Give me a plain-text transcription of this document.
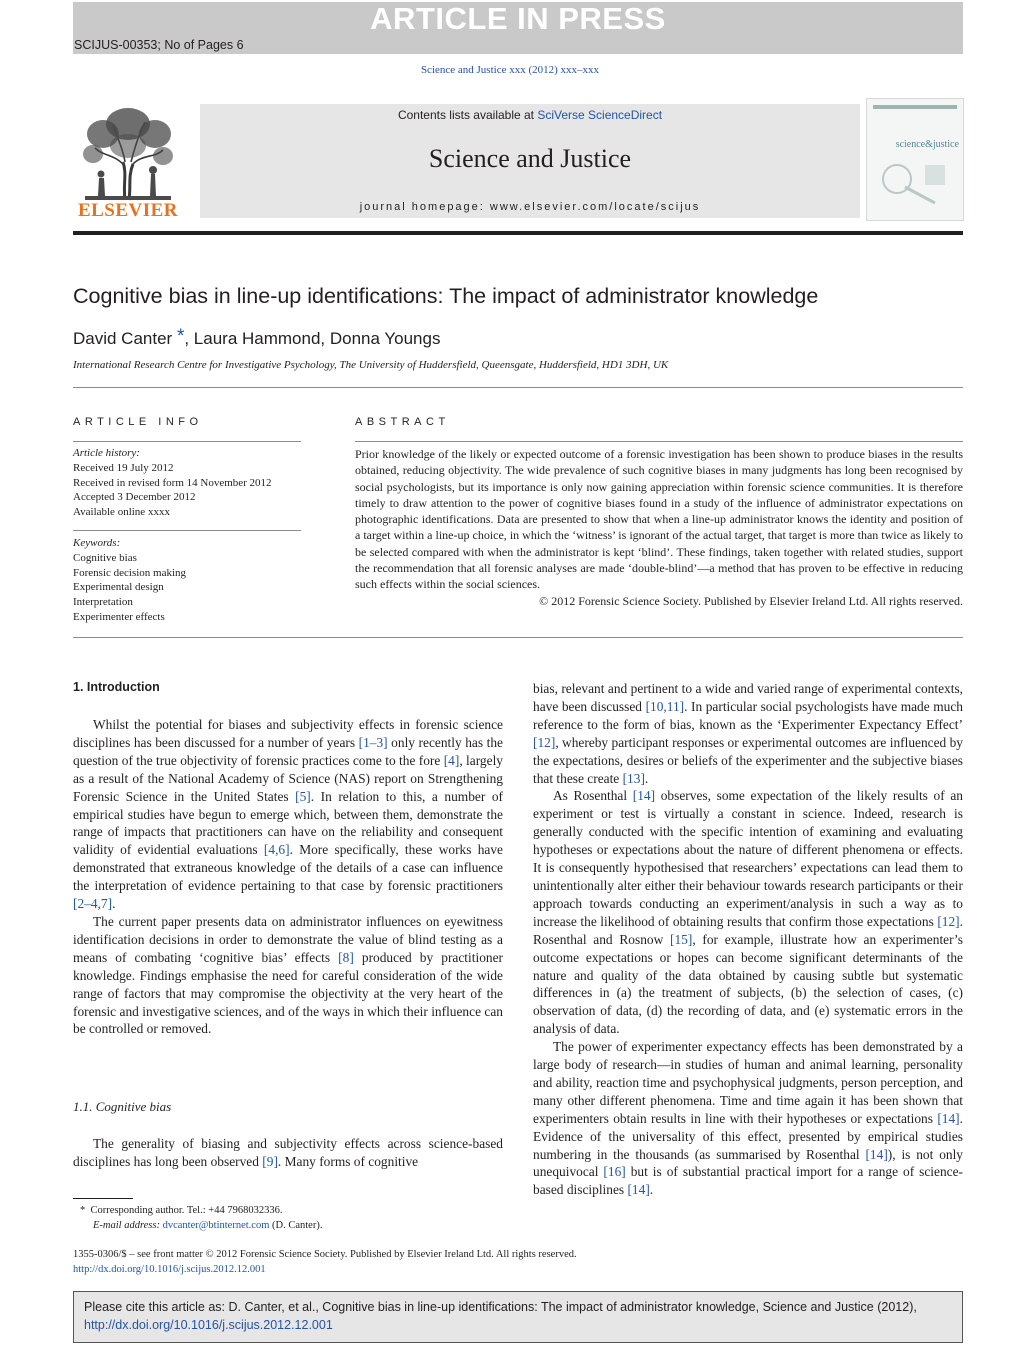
ARTICLE IN PRESS
SCIJUS-00353; No of Pages 6
Science and Justice xxx (2012) xxx–xxx
ELSEVIER
Contents lists available at SciVerse ScienceDirect
Science and Justice
journal homepage: www.elsevier.com/locate/scijus
science&justice
Cognitive bias in line-up identifications: The impact of administrator knowledge
David Canter *, Laura Hammond, Donna Youngs
International Research Centre for Investigative Psychology, The University of Huddersfield, Queensgate, Huddersfield, HD1 3DH, UK
ARTICLE INFO
Article history:
Received 19 July 2012
Received in revised form 14 November 2012
Accepted 3 December 2012
Available online xxxx
Keywords:
Cognitive bias
Forensic decision making
Experimental design
Interpretation
Experimenter effects
ABSTRACT
Prior knowledge of the likely or expected outcome of a forensic investigation has been shown to produce biases in the results obtained, reducing objectivity. The wide prevalence of such cognitive biases in many judgments has long been recognised by social psychologists, but its importance is only now gaining appreciation within forensic science communities. It is therefore timely to draw attention to the power of cognitive biases found in a study of the influence of administrator expectations on photographic identifications. Data are presented to show that when a line-up administrator knows the identity and position of a target within a line-up choice, in which the ‘witness’ is ignorant of the actual target, that target is more than twice as likely to be selected compared with when the administrator is kept ‘blind’. These findings, taken together with related studies, support the recommendation that all forensic analyses are made ‘double-blind’—a method that has proven to be effective in reducing such effects within the social sciences.
© 2012 Forensic Science Society. Published by Elsevier Ireland Ltd. All rights reserved.
1. Introduction

Whilst the potential for biases and subjectivity effects in forensic science disciplines has been discussed for a number of years [1–3] only recently has the question of the true objectivity of forensic practices come to the fore [4], largely as a result of the National Academy of Science (NAS) report on Strengthening Forensic Science in the United States [5]. In relation to this, a number of empirical studies have begun to emerge which, between them, demonstrate the range of impacts that practitioners can have on the reliability and consequent validity of evidential evaluations [4,6]. More specifically, these works have demonstrated that extraneous knowledge of the details of a case can influence the interpretation of evidence pertaining to that case by forensic practitioners [2–4,7].

The current paper presents data on administrator influences on eyewitness identification decisions in order to demonstrate the value of blind testing as a means of combating ‘cognitive bias’ effects [8] produced by practitioner knowledge. Findings emphasise the need for careful consideration of the wide range of factors that may compromise the objectivity at the very heart of the forensic and investigative sciences, and of the ways in which their influence can be controlled or removed.

1.1. Cognitive bias

The generality of biasing and subjectivity effects across science-based disciplines has long been observed [9]. Many forms of cognitive

* Corresponding author. Tel.: +44 7968032336.
E-mail address: dvcanter@btinternet.com (D. Canter).

bias, relevant and pertinent to a wide and varied range of experimental contexts, have been discussed [10,11]. In particular social psychologists have made much reference to the form of bias, known as the ‘Experimenter Expectancy Effect’ [12], whereby participant responses or experimental outcomes are influenced by the expectations, desires or beliefs of the experimenter and the subjective biases that these create [13].

As Rosenthal [14] observes, some expectation of the likely results of an experiment or test is virtually a constant in science. Indeed, research is generally conducted with the specific intention of examining and evaluating hypotheses or expectations about the nature of different phenomena or effects. It is consequently hypothesised that researchers’ expectations can lead them to unintentionally alter either their behaviour towards research participants or their approach towards conducting an experiment/analysis in such a way as to increase the likelihood of obtaining results that confirm those expectations [12]. Rosenthal and Rosnow [15], for example, illustrate how an experimenter’s outcome expectations or hopes can become significant determinants of the nature and quality of the data obtained by causing subtle but systematic differences in (a) the treatment of subjects, (b) the selection of cases, (c) observation of data, (d) the recording of data, and (e) systematic errors in the analysis of data.

The power of experimenter expectancy effects has been demonstrated by a large body of research—in studies of human and animal learning, personality and ability, reaction time and psychophysical judgments, person perception, and many other different phenomena. Time and time again it has been shown that experimenters obtain results in line with their hypotheses or expectations [14]. Evidence of the universality of this effect, presented by empirical studies numbering in the thousands (as summarised by Rosenthal [14]), is not only unequivocal [16] but is of substantial practical import for a range of science-based disciplines [14].

1355-0306/$ – see front matter © 2012 Forensic Science Society. Published by Elsevier Ireland Ltd. All rights reserved.
http://dx.doi.org/10.1016/j.scijus.2012.12.001
Please cite this article as: D. Canter, et al., Cognitive bias in line-up identifications: The impact of administrator knowledge, Science and Justice (2012), http://dx.doi.org/10.1016/j.scijus.2012.12.001
